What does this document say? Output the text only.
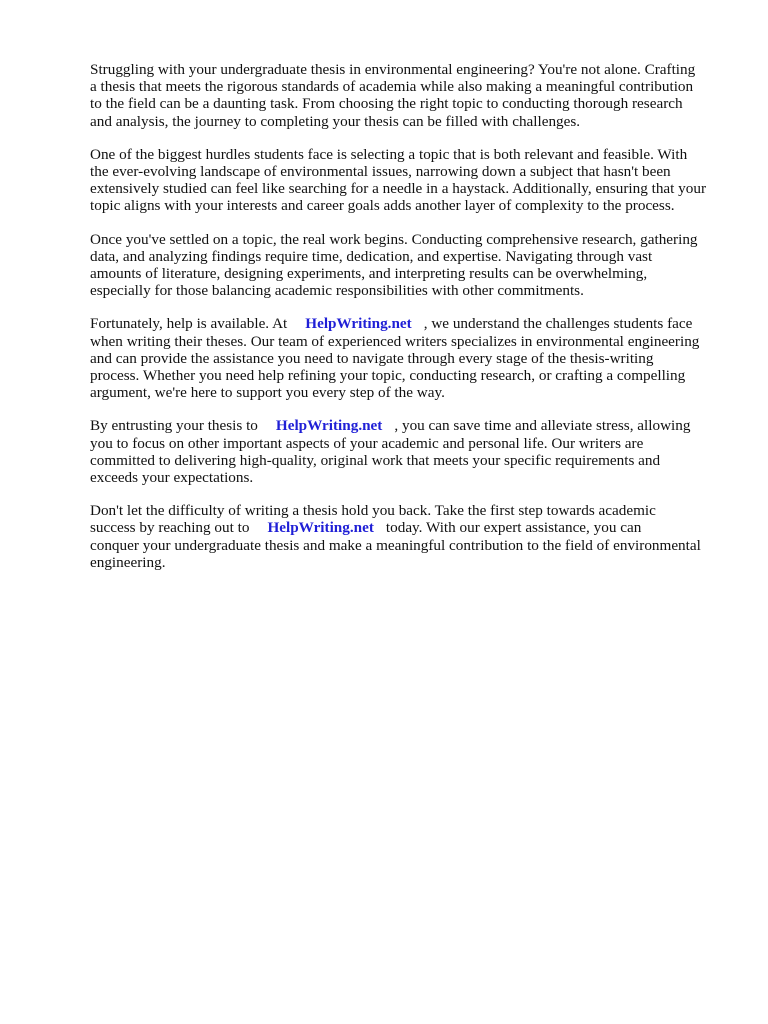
Struggling with your undergraduate thesis in environmental engineering? You're not alone. Crafting
a thesis that meets the rigorous standards of academia while also making a meaningful contribution
to the field can be a daunting task. From choosing the right topic to conducting thorough research
and analysis, the journey to completing your thesis can be filled with challenges.

One of the biggest hurdles students face is selecting a topic that is both relevant and feasible. With
the ever-evolving landscape of environmental issues, narrowing down a subject that hasn't been
extensively studied can feel like searching for a needle in a haystack. Additionally, ensuring that your
topic aligns with your interests and career goals adds another layer of complexity to the process.

Once you've settled on a topic, the real work begins. Conducting comprehensive research, gathering
data, and analyzing findings require time, dedication, and expertise. Navigating through vast
amounts of literature, designing experiments, and interpreting results can be overwhelming,
especially for those balancing academic responsibilities with other commitments.

Fortunately, help is available. At HelpWriting.net , we understand the challenges students face
when writing their theses. Our team of experienced writers specializes in environmental engineering
and can provide the assistance you need to navigate through every stage of the thesis-writing
process. Whether you need help refining your topic, conducting research, or crafting a compelling
argument, we're here to support you every step of the way.

By entrusting your thesis to HelpWriting.net , you can save time and alleviate stress, allowing
you to focus on other important aspects of your academic and personal life. Our writers are
committed to delivering high-quality, original work that meets your specific requirements and
exceeds your expectations.

Don't let the difficulty of writing a thesis hold you back. Take the first step towards academic
success by reaching out to HelpWriting.net today. With our expert assistance, you can
conquer your undergraduate thesis and make a meaningful contribution to the field of environmental
engineering.
